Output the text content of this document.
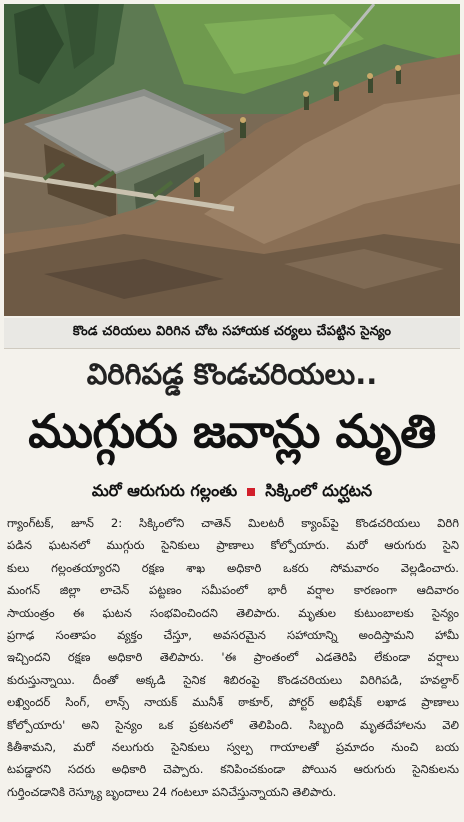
కొండ చరియలు విరిగిన చోట సహాయక చర్యలు చేపట్టిన సైన్యం
విరిగిపడ్డ కొండచరియలు..
ముగ్గురు జవాన్లు మృతి
మరో ఆరుగురు గల్లంతు సిక్కింలో దుర్ఘటన

గ్యాంగ్‌టక్‌, జూన్‌ 2: సిక్కింలోని చాతెన్‌ మిలటరీ క్యాంప్‌పై కొండచరియలు విరిగి

పడిన ఘటనలో ముగ్గురు సైనికులు ప్రాణాలు కోల్పోయారు. మరో ఆరుగురు సైని

కులు గల్లంతయ్యారని రక్షణ శాఖ అధికారి ఒకరు సోమవారం వెల్లడించారు.

మంగన్‌ జిల్లా లాచెన్‌ పట్టణం సమీపంలో భారీ వర్షాల కారణంగా ఆదివారం

సాయంత్రం ఈ ఘటన సంభవించిందని తెలిపారు. మృతుల కుటుంబాలకు సైన్యం

ప్రగాఢ సంతాపం వ్యక్తం చేస్తూ, అవసరమైన సహాయాన్ని అందిస్తామని హామీ

ఇచ్చిందని రక్షణ అధికారి తెలిపారు. 'ఈ ప్రాంతంలో ఎడతెరిపి లేకుండా వర్షాలు

కురుస్తున్నాయి. దీంతో అక్కడి సైనిక శిబిరంపై కొండచరియలు విరిగిపడి, హవల్దార్‌

లఖ్విందర్‌ సింగ్‌, లాన్స్‌ నాయక్‌ మునీశ్‌ ఠాకూర్‌, పోర్టర్‌ అభిషేక్‌ లఖాడ ప్రాణాలు

కోల్పోయారు' అని సైన్యం ఒక ప్రకటనలో తెలిపింది. సిబ్బంది మృతదేహాలను వెలి

కితీశామని, మరో నలుగురు సైనికులు స్వల్ప గాయాలతో ప్రమాదం నుంచి బయ

టపడ్డారని సదరు అధికారి చెప్పారు. కనిపించకుండా పోయిన ఆరుగురు సైనికులను

గుర్తించడానికి రెస్క్యూ బృందాలు 24 గంటలూ పనిచేస్తున్నాయని తెలిపారు.
